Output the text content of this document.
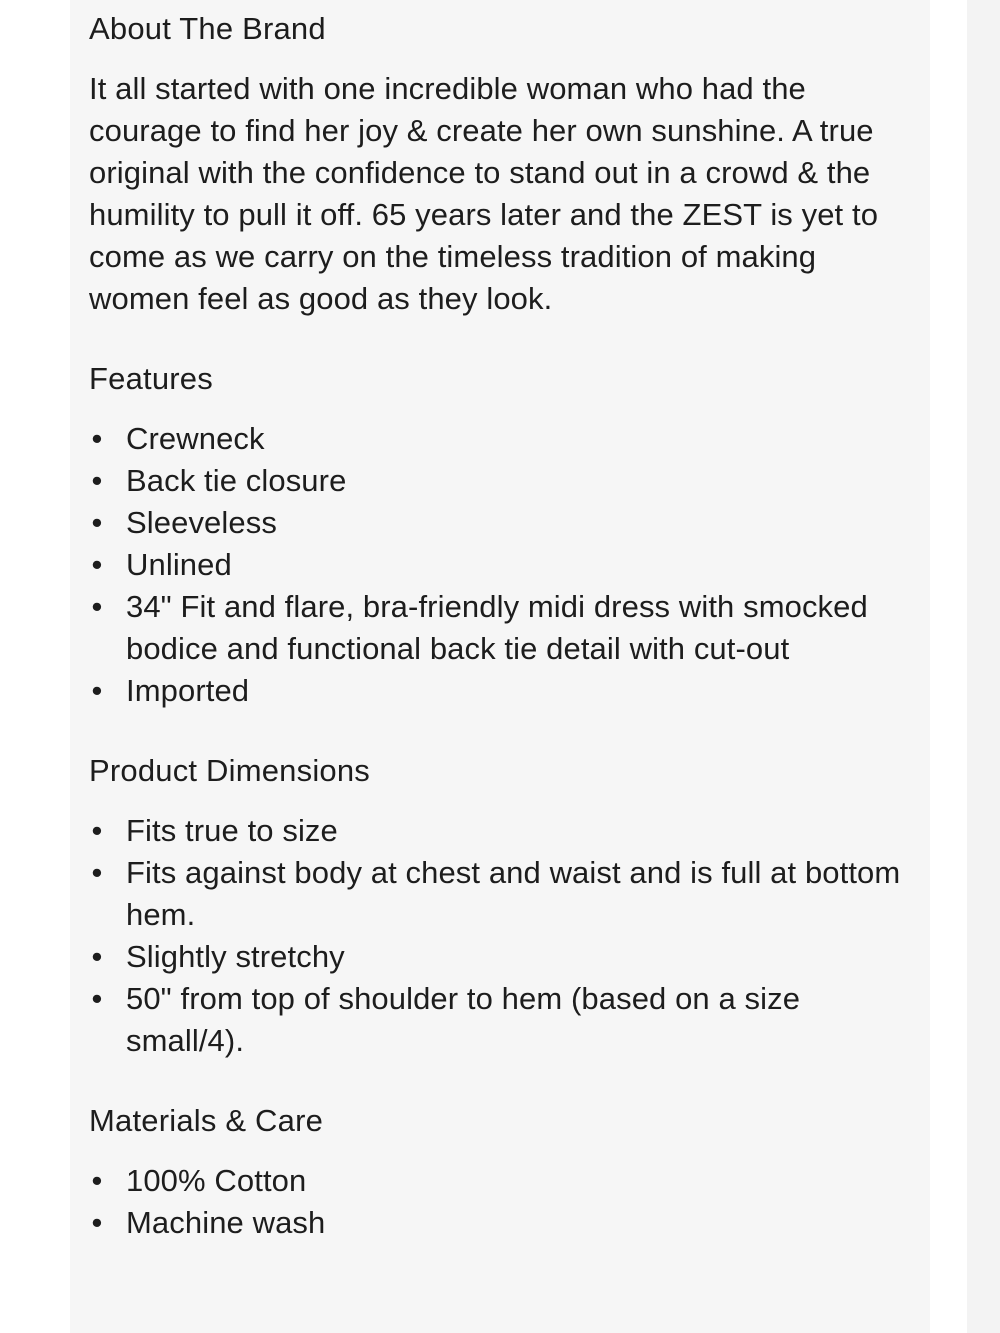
About The Brand

It all started with one incredible woman who had the courage to find her joy & create her own sunshine. A true original with the confidence to stand out in a crowd & the humility to pull it off. 65 years later and the ZEST is yet to come as we carry on the timeless tradition of making women feel as good as they look.

Features
• Crewneck
• Back tie closure
• Sleeveless
• Unlined
• 34" Fit and flare, bra-friendly midi dress with smocked bodice and functional back tie detail with cut-out
• Imported
Product Dimensions
• Fits true to size
• Fits against body at chest and waist and is full at bottom hem.
• Slightly stretchy
• 50" from top of shoulder to hem (based on a size small/4).
Materials & Care
• 100% Cotton
• Machine wash
